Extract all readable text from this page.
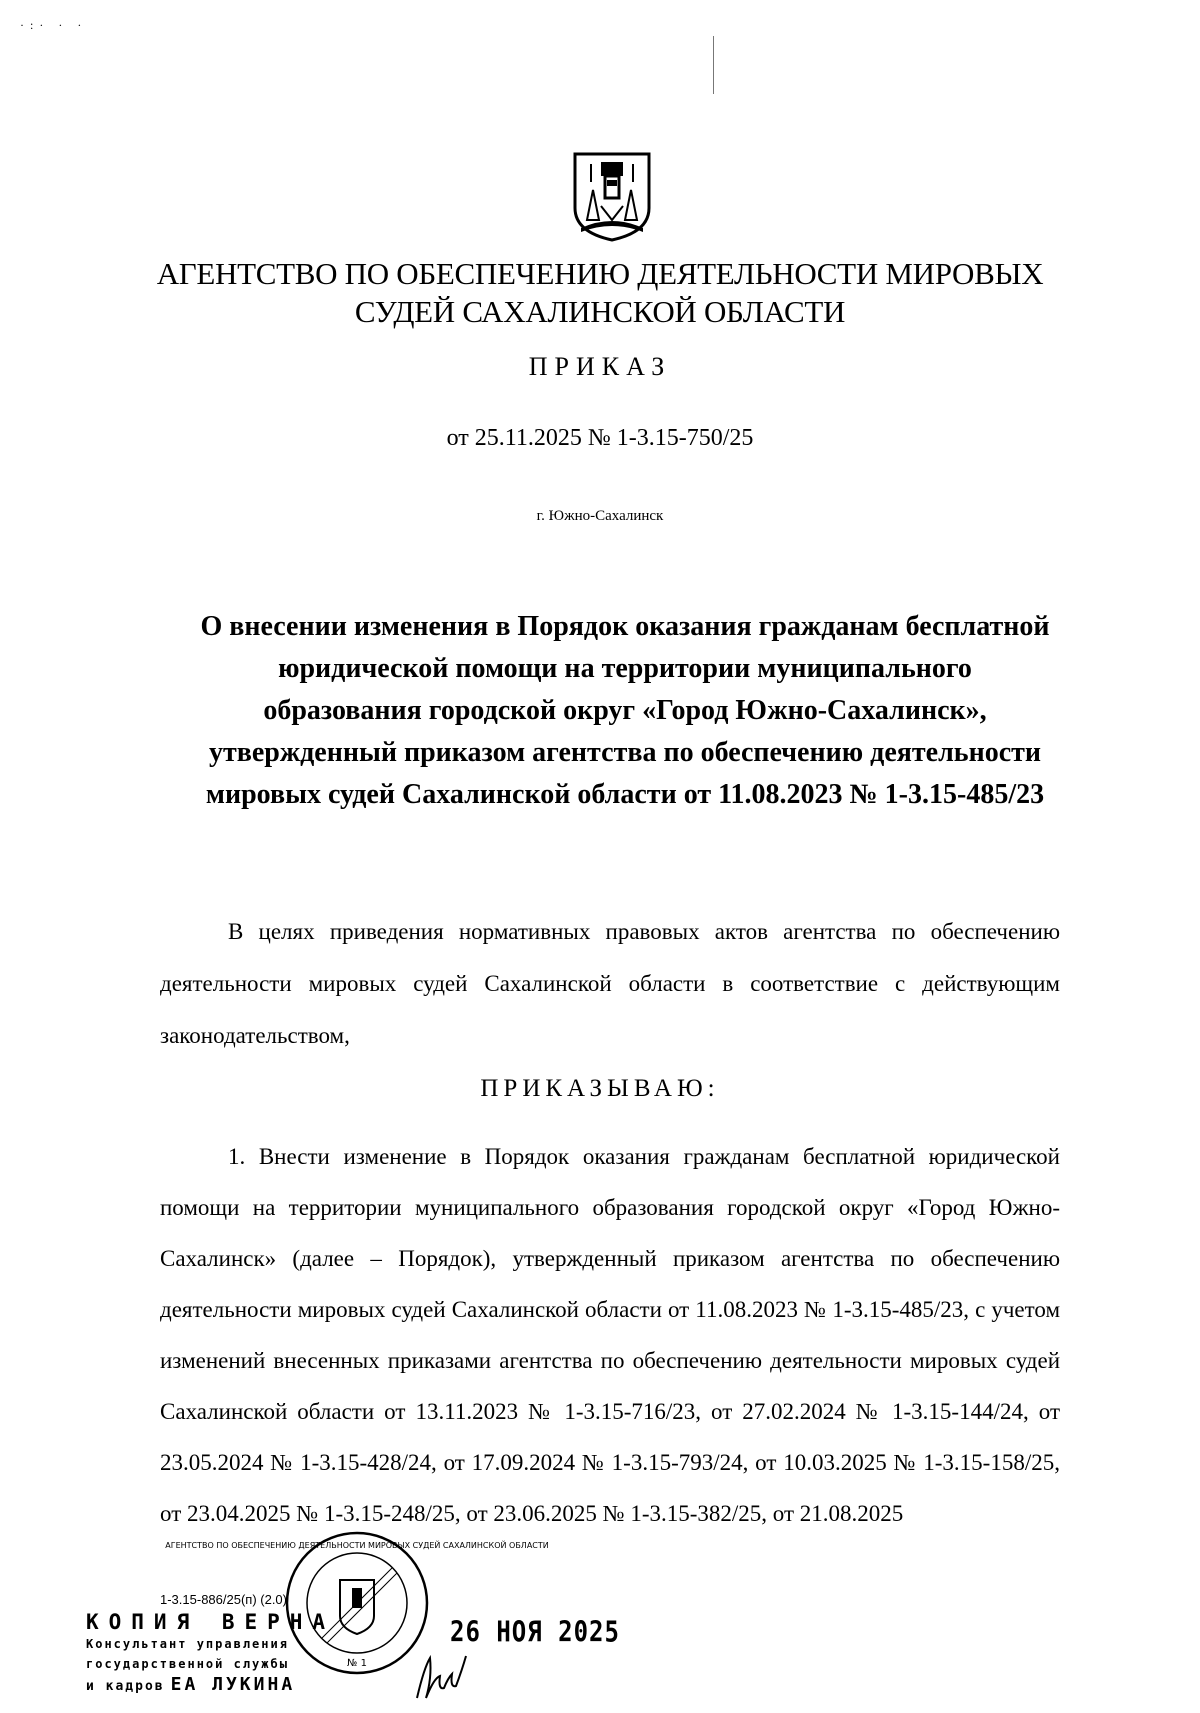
·:· · ·
АГЕНТСТВО ПО ОБЕСПЕЧЕНИЮ ДЕЯТЕЛЬНОСТИ МИРОВЫХ
СУДЕЙ САХАЛИНСКОЙ ОБЛАСТИ
ПРИКАЗ
от 25.11.2025 № 1-3.15-750/25
г. Южно-Сахалинск
О внесении изменения в Порядок оказания гражданам бесплатной юридической помощи на территории муниципального образования городской округ «Город Южно-Сахалинск», утвержденный приказом агентства по обеспечению деятельности мировых судей Сахалинской области от 11.08.2023 № 1-3.15-485/23
В целях приведения нормативных правовых актов агентства по обеспечению деятельности мировых судей Сахалинской области в соответствие с действующим законодательством,
ПРИКАЗЫВАЮ:
1. Внести изменение в Порядок оказания гражданам бесплатной юридической помощи на территории муниципального образования городской округ «Город Южно-Сахалинск» (далее – Порядок), утвержденный приказом агентства по обеспечению деятельности мировых судей Сахалинской области от 11.08.2023 № 1-3.15-485/23, с учетом изменений внесенных приказами агентства по обеспечению деятельности мировых судей Сахалинской области от 13.11.2023 № 1-3.15-716/23, от 27.02.2024 № 1-3.15-144/24, от 23.05.2024 № 1-3.15-428/24, от 17.09.2024 № 1-3.15-793/24, от 10.03.2025 № 1-3.15-158/25, от 23.04.2025 № 1-3.15-248/25, от 23.06.2025 № 1-3.15-382/25, от 21.08.2025
1-3.15-886/25(п) (2.0)
КОПИЯ ВЕРНА
Консультант управления
государственной службы
и кадров ЕА ЛУКИНА
АГЕНТСТВО ПО ОБЕСПЕЧЕНИЮ ДЕЯТЕЛЬНОСТИ МИРОВЫХ СУДЕЙ САХАЛИНСКОЙ ОБЛАСТИ
№ 1
26 НОЯ 2025
